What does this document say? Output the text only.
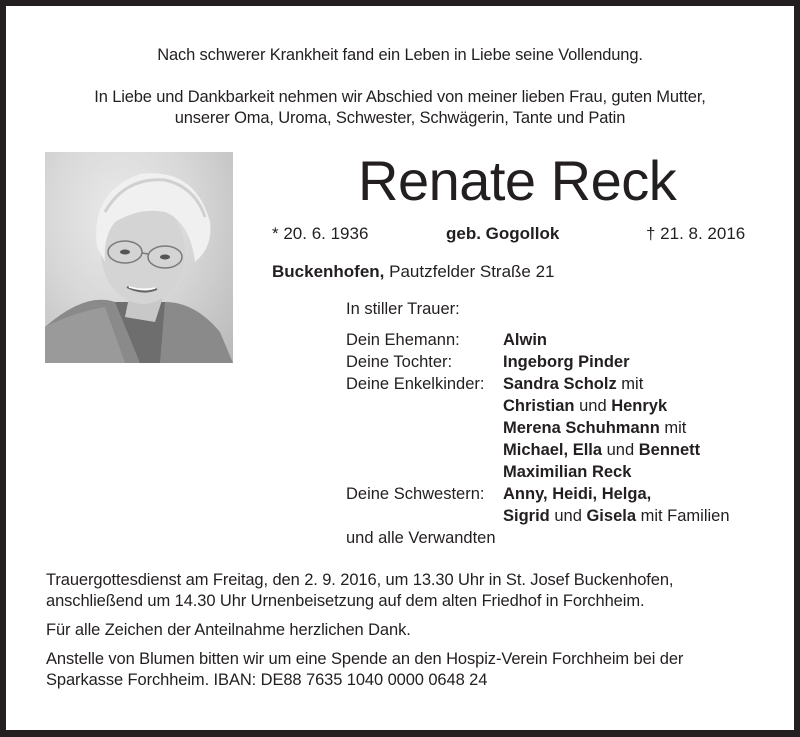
Nach schwerer Krankheit fand ein Leben in Liebe seine Vollendung.
In Liebe und Dankbarkeit nehmen wir Abschied von meiner lieben Frau, guten Mutter,
unserer Oma, Uroma, Schwester, Schwägerin, Tante und Patin
Renate Reck
* 20. 6. 1936	geb. Gogollok	† 21. 8. 2016
Buckenhofen, Pautzfelder Straße 21
In stiller Trauer:
Dein Ehemann:	Alwin
Deine Tochter:	Ingeborg Pinder
Deine Enkelkinder: Sandra Scholz mit
Christian und Henryk
Merena Schuhmann mit
Michael, Ella und Bennett
Maximilian Reck
Deine Schwestern: Anny, Heidi, Helga,
Sigrid und Gisela mit Familien
und alle Verwandten
Trauergottesdienst am Freitag, den 2. 9. 2016, um 13.30 Uhr in St. Josef Buckenhofen,
anschließend um 14.30 Uhr Urnenbeisetzung auf dem alten Friedhof in Forchheim.
Für alle Zeichen der Anteilnahme herzlichen Dank.
Anstelle von Blumen bitten wir um eine Spende an den Hospiz-Verein Forchheim bei der
Sparkasse Forchheim. IBAN: DE88 7635 1040 0000 0648 24
